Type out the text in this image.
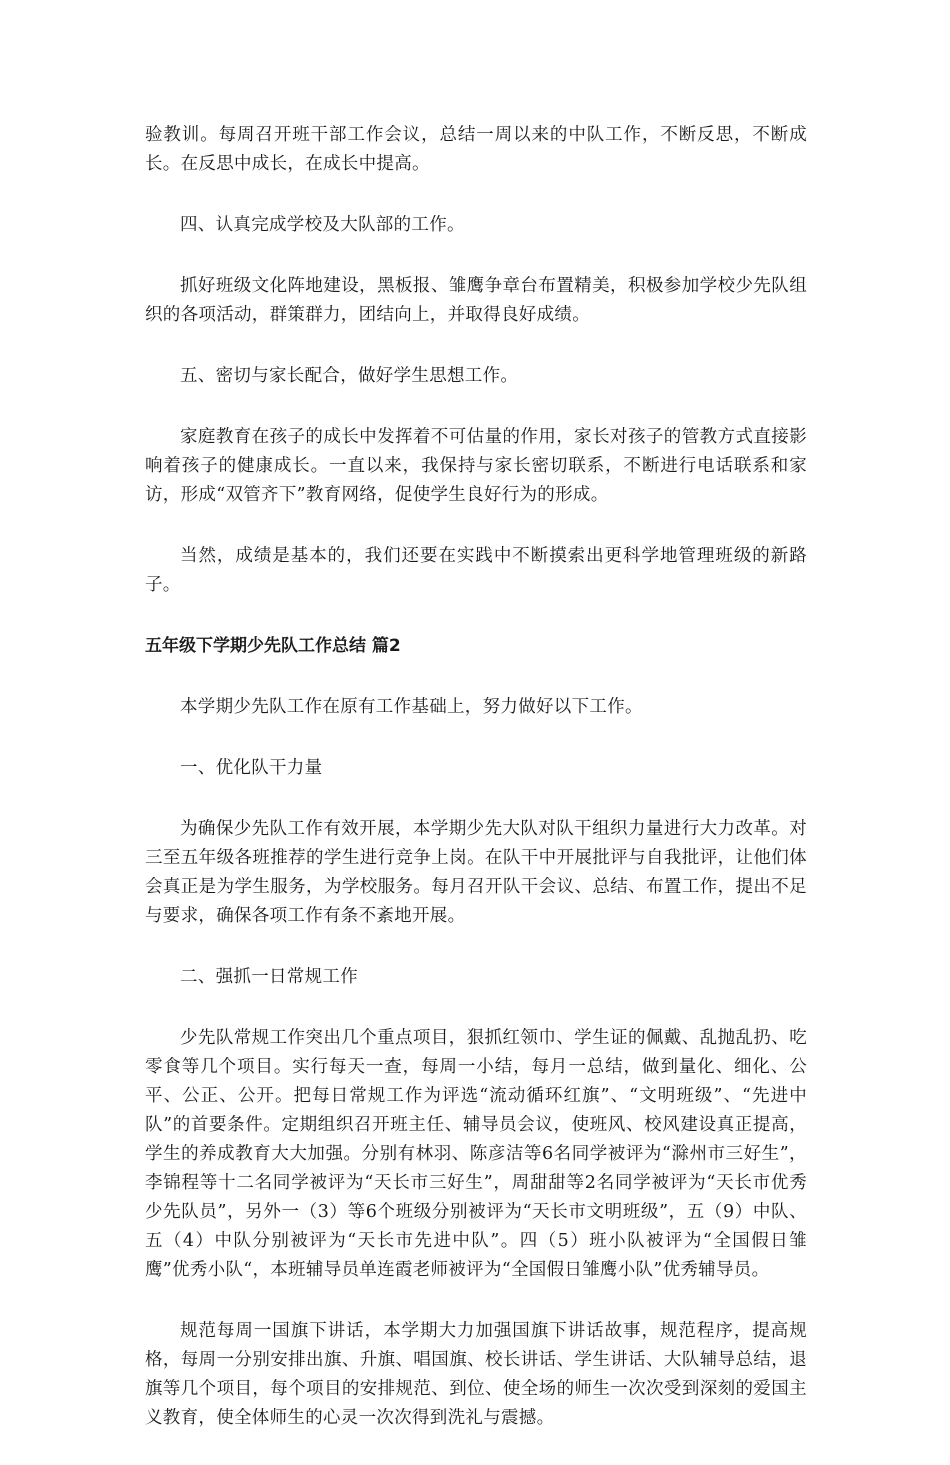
验教训。每周召开班干部工作会议，总结一周以来的中队工作，不断反思，不断成长。在反思中成长，在成长中提高。

四、认真完成学校及大队部的工作。

抓好班级文化阵地建设，黑板报、雏鹰争章台布置精美，积极参加学校少先队组织的各项活动，群策群力，团结向上，并取得良好成绩。

五、密切与家长配合，做好学生思想工作。

家庭教育在孩子的成长中发挥着不可估量的作用，家长对孩子的管教方式直接影响着孩子的健康成长。一直以来，我保持与家长密切联系，不断进行电话联系和家访，形成“双管齐下”教育网络，促使学生良好行为的形成。

当然，成绩是基本的，我们还要在实践中不断摸索出更科学地管理班级的新路子。

五年级下学期少先队工作总结 篇2

本学期少先队工作在原有工作基础上，努力做好以下工作。

一、优化队干力量

为确保少先队工作有效开展，本学期少先大队对队干组织力量进行大力改革。对三至五年级各班推荐的学生进行竞争上岗。在队干中开展批评与自我批评，让他们体会真正是为学生服务，为学校服务。每月召开队干会议、总结、布置工作，提出不足与要求，确保各项工作有条不紊地开展。

二、强抓一日常规工作

少先队常规工作突出几个重点项目，狠抓红领巾、学生证的佩戴、乱抛乱扔、吃零食等几个项目。实行每天一查，每周一小结，每月一总结，做到量化、细化、公平、公正、公开。把每日常规工作为评选“流动循环红旗”、“文明班级”、“先进中队”的首要条件。定期组织召开班主任、辅导员会议，使班风、校风建设真正提高，学生的养成教育大大加强。分别有林羽、陈彦洁等6名同学被评为“滁州市三好生”，李锦程等十二名同学被评为“天长市三好生”，周甜甜等2名同学被评为“天长市优秀少先队员”，另外一（3）等6个班级分别被评为“天长市文明班级”，五（9）中队、五（4）中队分别被评为“天长市先进中队”。四（5）班小队被评为“全国假日雏鹰”优秀小队“，本班辅导员单连霞老师被评为“全国假日雏鹰小队”优秀辅导员。

规范每周一国旗下讲话，本学期大力加强国旗下讲话故事，规范程序，提高规格，每周一分别安排出旗、升旗、唱国旗、校长讲话、学生讲话、大队辅导总结，退旗等几个项目，每个项目的安排规范、到位、使全场的师生一次次受到深刻的爱国主义教育，使全体师生的心灵一次次得到洗礼与震撼。
